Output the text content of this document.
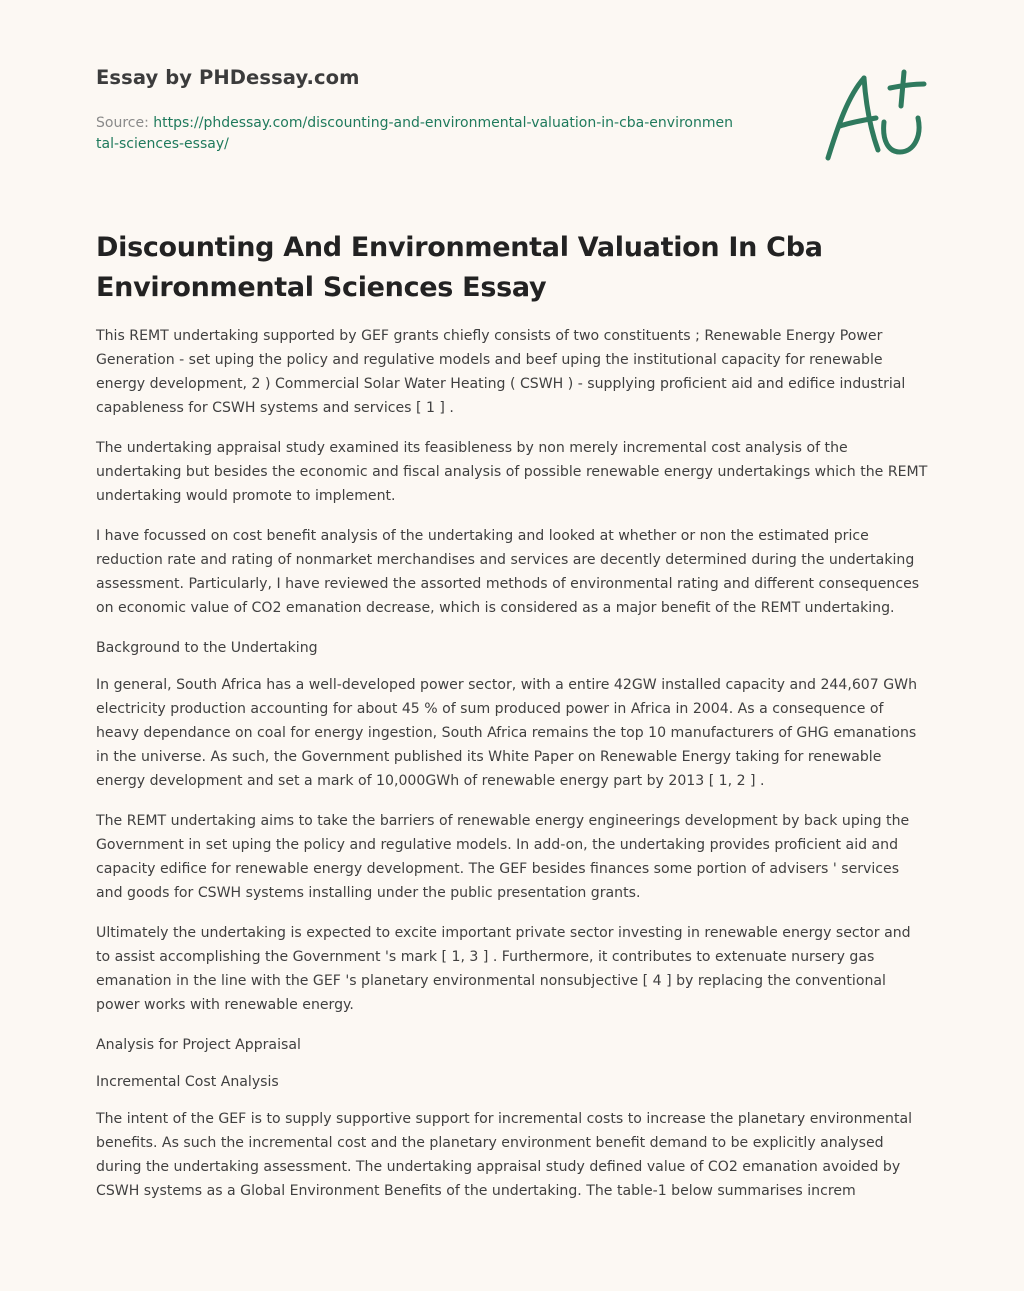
Essay by PHDessay.com
Source: https://phdessay.com/discounting-and-environmental-valuation-in-cba-environmental-sciences-essay/
Discounting And Environmental Valuation In Cba Environmental Sciences Essay

This REMT undertaking supported by GEF grants chiefly consists of two constituents ; Renewable Energy Power Generation - set uping the policy and regulative models and beef uping the institutional capacity for renewable energy development, 2 ) Commercial Solar Water Heating ( CSWH ) - supplying proficient aid and edifice industrial capableness for CSWH systems and services [ 1 ] .

The undertaking appraisal study examined its feasibleness by non merely incremental cost analysis of the undertaking but besides the economic and fiscal analysis of possible renewable energy undertakings which the REMT undertaking would promote to implement.

I have focussed on cost benefit analysis of the undertaking and looked at whether or non the estimated price reduction rate and rating of nonmarket merchandises and services are decently determined during the undertaking assessment. Particularly, I have reviewed the assorted methods of environmental rating and different consequences on economic value of CO2 emanation decrease, which is considered as a major benefit of the REMT undertaking.

Background to the Undertaking

In general, South Africa has a well-developed power sector, with a entire 42GW installed capacity and 244,607 GWh electricity production accounting for about 45 % of sum produced power in Africa in 2004. As a consequence of heavy dependance on coal for energy ingestion, South Africa remains the top 10 manufacturers of GHG emanations in the universe. As such, the Government published its White Paper on Renewable Energy taking for renewable energy development and set a mark of 10,000GWh of renewable energy part by 2013 [ 1, 2 ] .

The REMT undertaking aims to take the barriers of renewable energy engineerings development by back uping the Government in set uping the policy and regulative models. In add-on, the undertaking provides proficient aid and capacity edifice for renewable energy development. The GEF besides finances some portion of advisers ' services and goods for CSWH systems installing under the public presentation grants.

Ultimately the undertaking is expected to excite important private sector investing in renewable energy sector and to assist accomplishing the Government 's mark [ 1, 3 ] . Furthermore, it contributes to extenuate nursery gas emanation in the line with the GEF 's planetary environmental nonsubjective [ 4 ] by replacing the conventional power works with renewable energy.

Analysis for Project Appraisal

Incremental Cost Analysis

The intent of the GEF is to supply supportive support for incremental costs to increase the planetary environmental benefits. As such the incremental cost and the planetary environment benefit demand to be explicitly analysed during the undertaking assessment. The undertaking appraisal study defined value of CO2 emanation avoided by CSWH systems as a Global Environment Benefits of the undertaking. The table-1 below summarises increm
